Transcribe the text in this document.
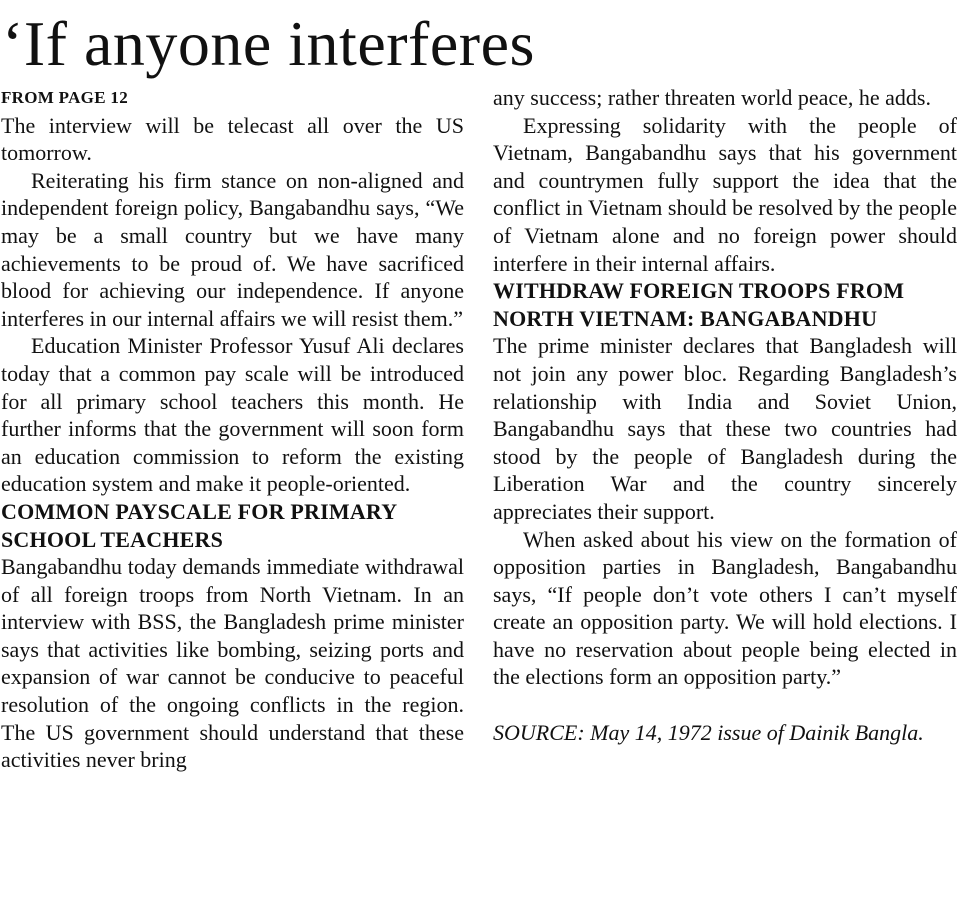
‘If anyone interferes
FROM PAGE 12

The interview will be telecast all over the US tomorrow.

Reiterating his firm stance on non-aligned and independent foreign policy, Bangabandhu says, “We may be a small country but we have many achievements to be proud of. We have sacrificed blood for achieving our independence. If anyone interferes in our internal affairs we will resist them.”

Education Minister Professor Yusuf Ali declares today that a common pay scale will be introduced for all primary school teachers this month. He further informs that the government will soon form an education commission to reform the existing education system and make it people-oriented.

COMMON PAYSCALE FOR PRIMARY SCHOOL TEACHERS

Bangabandhu today demands immediate withdrawal of all foreign troops from North Vietnam. In an interview with BSS, the Bangladesh prime minister says that activities like bombing, seizing ports and expansion of war cannot be conducive to peaceful resolution of the ongoing conflicts in the region. The US government should understand that these activities never bring

any success; rather threaten world peace, he adds.

Expressing solidarity with the people of Vietnam, Bangabandhu says that his government and countrymen fully support the idea that the conflict in Vietnam should be resolved by the people of Vietnam alone and no foreign power should interfere in their internal affairs.

WITHDRAW FOREIGN TROOPS FROM NORTH VIETNAM: BANGABANDHU

The prime minister declares that Bangladesh will not join any power bloc. Regarding Bangladesh’s relationship with India and Soviet Union, Bangabandhu says that these two countries had stood by the people of Bangladesh during the Liberation War and the country sincerely appreciates their support.

When asked about his view on the formation of opposition parties in Bangladesh, Bangabandhu says, “If people don’t vote others I can’t myself create an opposition party. We will hold elections. I have no reservation about people being elected in the elections form an opposition party.”

SOURCE: May 14, 1972 issue of Dainik Bangla.
